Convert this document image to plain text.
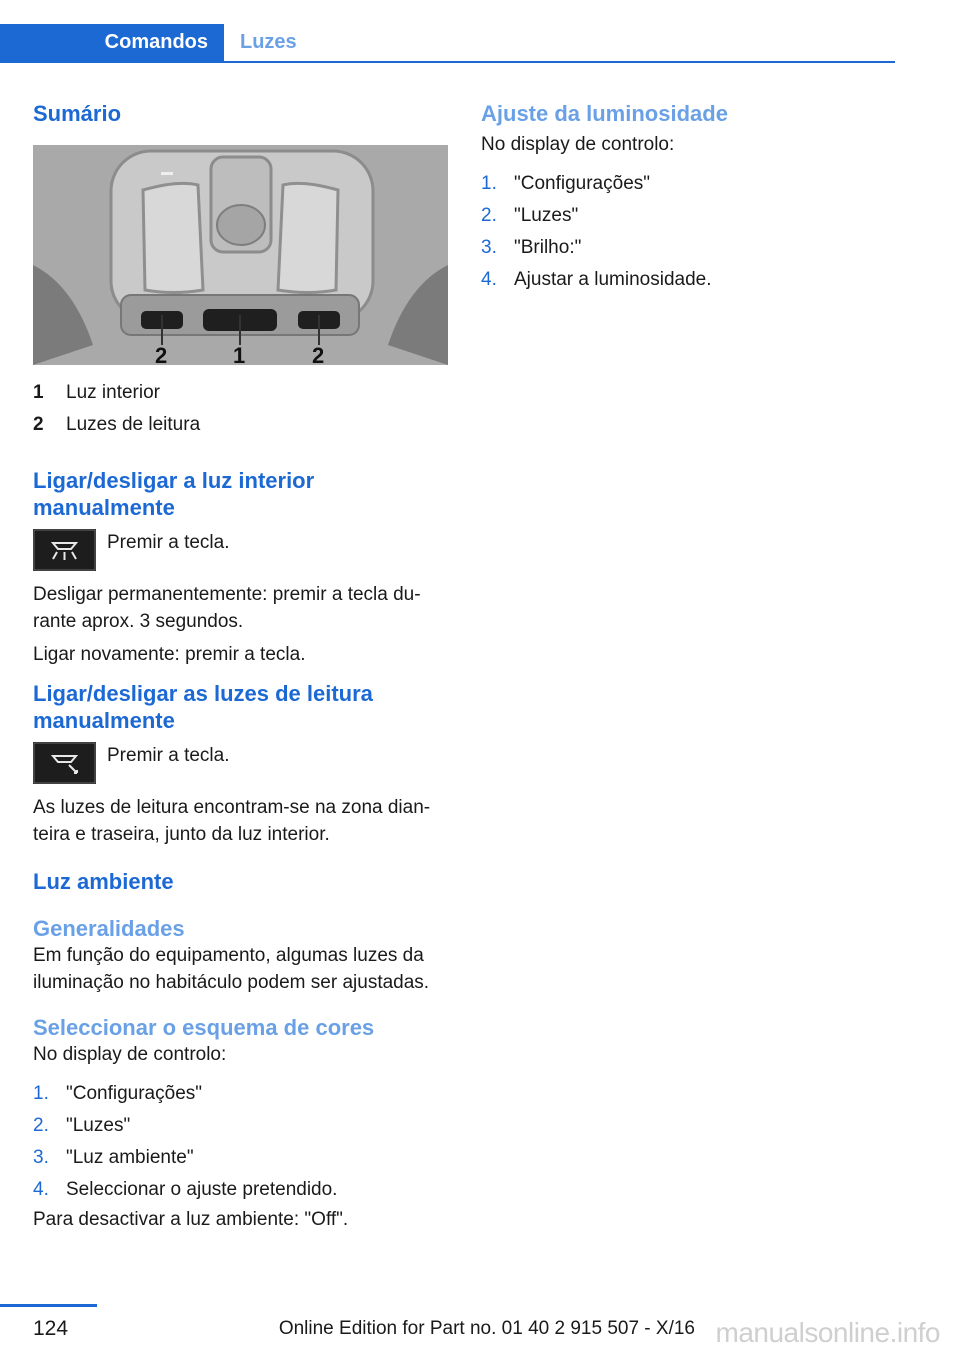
Comandos	Luzes
Sumário
2	1	2
1	Luz interior
2	Luzes de leitura
Ligar/desligar a luz interior manualmente

Premir a tecla.

Desligar permanentemente: premir a tecla du-rante aprox. 3 segundos.

Ligar novamente: premir a tecla.

Ligar/desligar as luzes de leitura manualmente

Premir a tecla.

As luzes de leitura encontram-se na zona dian-teira e traseira, junto da luz interior.

Luz ambiente
Generalidades

Em função do equipamento, algumas luzes da iluminação no habitáculo podem ser ajustadas.

Seleccionar o esquema de cores

No display de controlo:

1. "Configurações"
2. "Luzes"
3. "Luz ambiente"
4. Seleccionar o ajuste pretendido.

Para desactivar a luz ambiente: "Off".

Ajuste da luminosidade

No display de controlo:

1. "Configurações"
2. "Luzes"
3. "Brilho:"
4. Ajustar a luminosidade.
124	Online Edition for Part no. 01 40 2 915 507 - X/16 manualsonline.info
